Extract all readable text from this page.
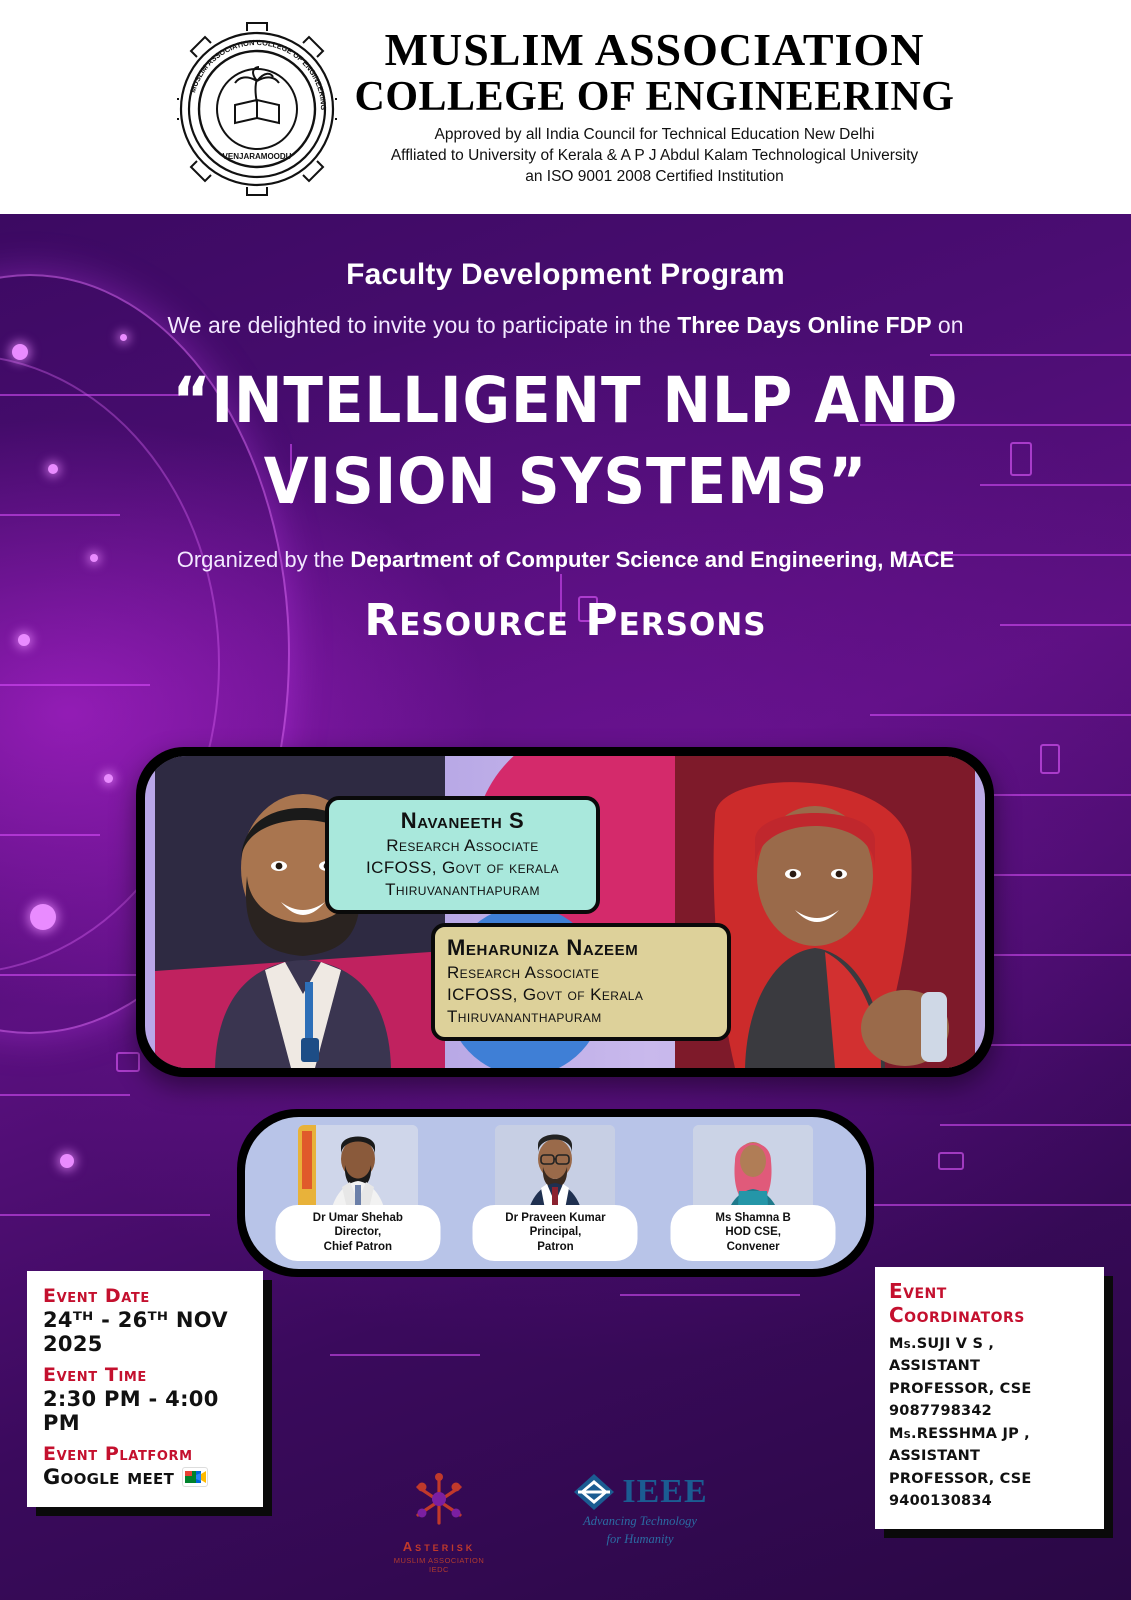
MUSLIM ASSOCIATION COLLEGE OF ENGINEERING
VENJARAMOODU
MUSLIM ASSOCIATION
COLLEGE OF ENGINEERING
Approved by all India Council for Technical Education New Delhi
Affliated to University of Kerala & A P J Abdul Kalam Technological University
an ISO 9001 2008 Certified Institution
Faculty Development Program
We are delighted to invite you to participate in the Three Days Online FDP on
“INTELLIGENT NLP AND
VISION SYSTEMS”
Organized by the Department of Computer Science and Engineering, MACE
Resource Persons
Navaneeth S
Research Associate
ICFOSS, Govt of kerala
Thiruvananthapuram
Meharuniza Nazeem
Research Associate
ICFOSS, Govt of Kerala
Thiruvananthapuram
Dr Umar Shehab
Director,
Chief Patron
Dr Praveen Kumar
Principal,
Patron
Ms Shamna B
HOD CSE,
Convener
Event Date
24ᵀᴴ - 26ᵀᴴ NOV 2025
Event Time
2:30 PM - 4:00 PM
Event Platform
Google meet
Event Coordinators
Ms.SUJI V S ,
ASSISTANT PROFESSOR, CSE
9087798342
Ms.RESSHMA JP ,
ASSISTANT PROFESSOR, CSE
9400130834
Asterisk
MUSLIM ASSOCIATION IEDC
IEEE
Advancing Technology
for Humanity
